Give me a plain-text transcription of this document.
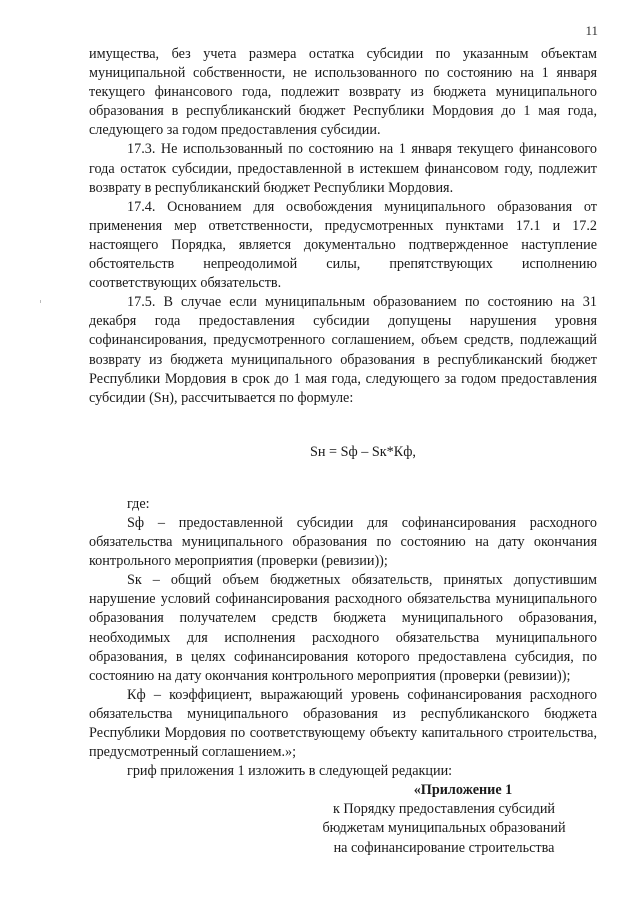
11

имущества, без учета размера остатка субсидии по указанным объектам муниципальной собственности, не использованного по состоянию на 1 января текущего финансового года, подлежит возврату из бюджета муниципального образования в республиканский бюджет Республики Мордовия до 1 мая года, следующего за годом предоставления субсидии.

17.3. Не использованный по состоянию на 1 января текущего финансового года остаток субсидии, предоставленной в истекшем финансовом году, подлежит возврату в республиканский бюджет Республики Мордовия.

17.4. Основанием для освобождения муниципального образования от применения мер ответственности, предусмотренных пунктами 17.1 и 17.2 настоящего Порядка, является документально подтвержденное наступление обстоятельств непреодолимой силы, препятствующих исполнению соответствующих обязательств.

17.5. В случае если муниципальным образованием по состоянию на 31 декабря года предоставления субсидии допущены нарушения уровня софинансирования, предусмотренного соглашением, объем средств, подлежащий возврату из бюджета муниципального образования в республиканский бюджет Республики Мордовия в срок до 1 мая года, следующего за годом предоставления субсидии (Sн), рассчитывается по формуле:

Sн = Sф – Sк*Кф,

где:

Sф – предоставленной субсидии для софинансирования расходного обязательства муниципального образования по состоянию на дату окончания контрольного мероприятия (проверки (ревизии));

Sк – общий объем бюджетных обязательств, принятых допустившим нарушение условий софинансирования расходного обязательства муниципального образования получателем средств бюджета муниципального образования, необходимых для исполнения расходного обязательства муниципального образования, в целях софинансирования которого предоставлена субсидия, по состоянию на дату окончания контрольного мероприятия (проверки (ревизии));

Кф – коэффициент, выражающий уровень софинансирования расходного обязательства муниципального образования из республиканского бюджета Республики Мордовия по соответствующему объекту капитального строительства, предусмотренный соглашением.»;

гриф приложения 1 изложить в следующей редакции:

«Приложение 1
к Порядку предоставления субсидий
бюджетам муниципальных образований
на софинансирование строительства
